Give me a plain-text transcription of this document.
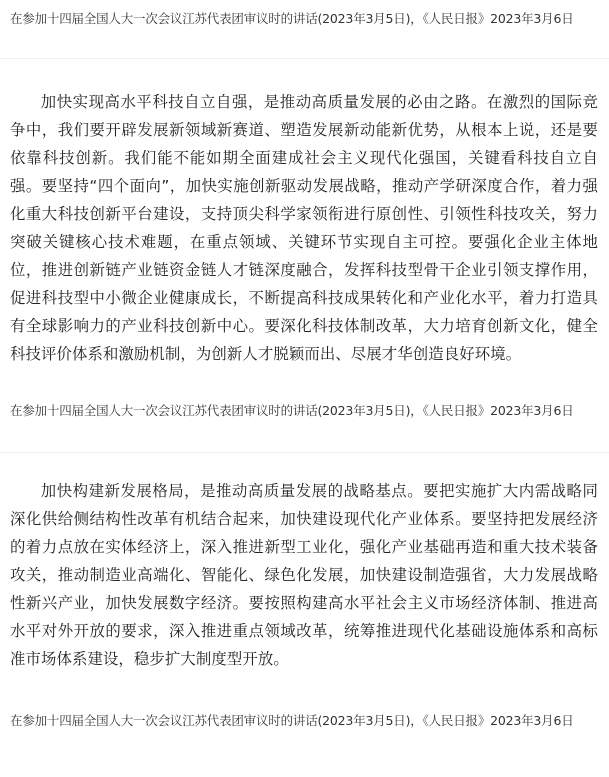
在参加十四届全国人大一次会议江苏代表团审议时的讲话(2023年3月5日)，《人民日报》2023年3月6日
加快实现高水平科技自立自强，是推动高质量发展的必由之路。在激烈的国际竞争中，我们要开辟发展新领域新赛道、塑造发展新动能新优势，从根本上说，还是要依靠科技创新。我们能不能如期全面建成社会主义现代化强国，关键看科技自立自强。要坚持“四个面向”，加快实施创新驱动发展战略，推动产学研深度合作，着力强化重大科技创新平台建设，支持顶尖科学家领衔进行原创性、引领性科技攻关，努力突破关键核心技术难题，在重点领域、关键环节实现自主可控。要强化企业主体地位，推进创新链产业链资金链人才链深度融合，发挥科技型骨干企业引领支撑作用，促进科技型中小微企业健康成长，不断提高科技成果转化和产业化水平，着力打造具有全球影响力的产业科技创新中心。要深化科技体制改革，大力培育创新文化，健全科技评价体系和激励机制，为创新人才脱颖而出、尽展才华创造良好环境。
在参加十四届全国人大一次会议江苏代表团审议时的讲话(2023年3月5日)，《人民日报》2023年3月6日
加快构建新发展格局，是推动高质量发展的战略基点。要把实施扩大内需战略同深化供给侧结构性改革有机结合起来，加快建设现代化产业体系。要坚持把发展经济的着力点放在实体经济上，深入推进新型工业化，强化产业基础再造和重大技术装备攻关，推动制造业高端化、智能化、绿色化发展，加快建设制造强省，大力发展战略性新兴产业，加快发展数字经济。要按照构建高水平社会主义市场经济体制、推进高水平对外开放的要求，深入推进重点领域改革，统筹推进现代化基础设施体系和高标准市场体系建设，稳步扩大制度型开放。
在参加十四届全国人大一次会议江苏代表团审议时的讲话(2023年3月5日)，《人民日报》2023年3月6日
